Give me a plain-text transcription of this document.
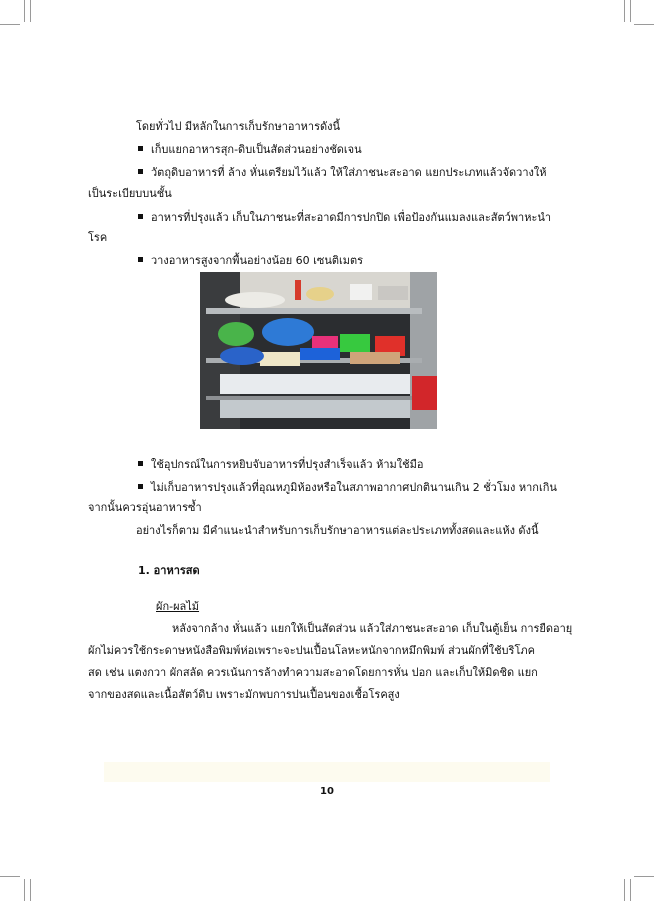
โดยทั่วไป มีหลักในการเก็บรักษาอาหารดังนี้
เก็บแยกอาหารสุก-ดิบเป็นสัดส่วนอย่างชัดเจน
วัตถุดิบอาหารที่ ล้าง หั่นเตรียมไว้แล้ว ให้ใส่ภาชนะสะอาด แยกประเภทแล้วจัดวางให้
เป็นระเบียบบนชั้น
อาหารที่ปรุงแล้ว เก็บในภาชนะที่สะอาดมีการปกปิด เพื่อป้องกันแมลงและสัตว์พาหะนำ
โรค
วางอาหารสูงจากพื้นอย่างน้อย 60 เซนติเมตร
ใช้อุปกรณ์ในการหยิบจับอาหารที่ปรุงสำเร็จแล้ว ห้ามใช้มือ
ไม่เก็บอาหารปรุงแล้วที่อุณหภูมิห้องหรือในสภาพอากาศปกตินานเกิน 2 ชั่วโมง หากเกิน
จากนั้นควรอุ่นอาหารซ้ำ
อย่างไรก็ตาม มีคำแนะนำสำหรับการเก็บรักษาอาหารแต่ละประเภททั้งสดและแห้ง ดังนี้
1. อาหารสด
ผัก-ผลไม้
หลังจากล้าง หั่นแล้ว แยกให้เป็นสัดส่วน แล้วใส่ภาชนะสะอาด เก็บในตู้เย็น การยืดอายุ
ผักไม่ควรใช้กระดาษหนังสือพิมพ์ห่อเพราะจะปนเปื้อนโลหะหนักจากหมึกพิมพ์ ส่วนผักที่ใช้บริโภค
สด เช่น แตงกวา ผักสลัด ควรเน้นการล้างทำความสะอาดโดยการหั่น ปอก และเก็บให้มิดชิด แยก
จากของสดและเนื้อสัตว์ดิบ เพราะมักพบการปนเปื้อนของเชื้อโรคสูง
10
